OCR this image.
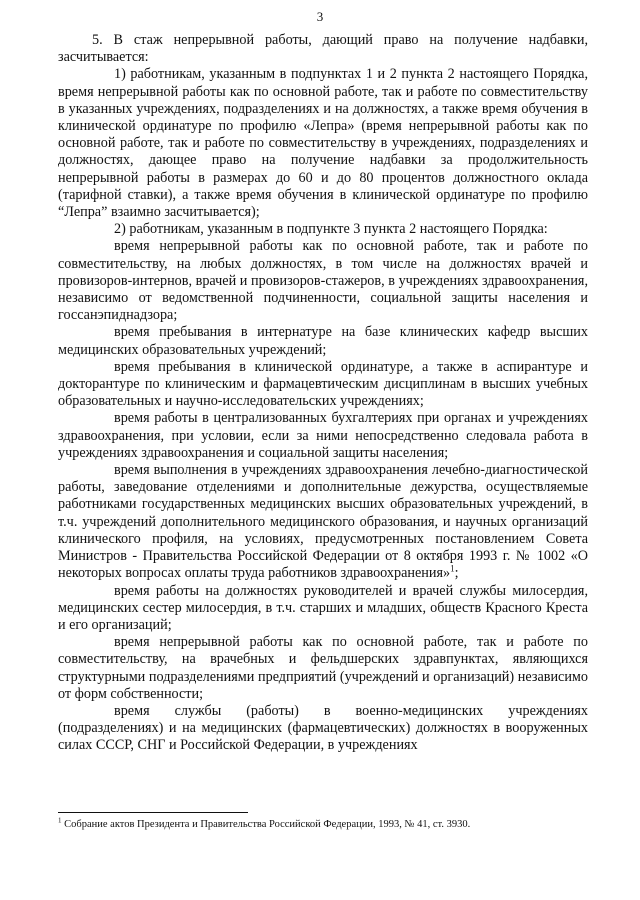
3

5. В стаж непрерывной работы, дающий право на получение надбавки, засчитывается:

1) работникам, указанным в подпунктах 1 и 2 пункта 2 настоящего Порядка, время непрерывной работы как по основной работе, так и работе по совместительству в указанных учреждениях, подразделениях и на должностях, а также время обучения в клинической ординатуре по профилю «Лепра» (время непрерывной работы как по основной работе, так и работе по совместительству в учреждениях, подразделениях и должностях, дающее право на получение надбавки за продолжительность непрерывной работы в размерах до 60 и до 80 процентов должностного оклада (тарифной ставки), а также время обучения в клинической ординатуре по профилю “Лепра” взаимно засчитывается);

2) работникам, указанным в подпункте 3 пункта 2 настоящего Порядка:

время непрерывной работы как по основной работе, так и работе по совместительству, на любых должностях, в том числе на должностях врачей и провизоров-интернов, врачей и провизоров-стажеров, в учреждениях здравоохранения, независимо от ведомственной подчиненности, социальной защиты населения и госсанэпиднадзора;

время пребывания в интернатуре на базе клинических кафедр высших медицинских образовательных учреждений;

время пребывания в клинической ординатуре, а также в аспирантуре и докторантуре по клиническим и фармацевтическим дисциплинам в высших учебных образовательных и научно-исследовательских учреждениях;

время работы в централизованных бухгалтериях при органах и учреждениях здравоохранения, при условии, если за ними непосредственно следовала работа в учреждениях здравоохранения и социальной защиты населения;

время выполнения в учреждениях здравоохранения лечебно-диагностической работы, заведование отделениями и дополнительные дежурства, осуществляемые работниками государственных медицинских высших образовательных учреждений, в т.ч. учреждений дополнительного медицинского образования, и научных организаций клинического профиля, на условиях, предусмотренных постановлением Совета Министров - Правительства Российской Федерации от 8 октября 1993 г. № 1002 «О некоторых вопросах оплаты труда работников здравоохранения»$^1$;

время работы на должностях руководителей и врачей службы милосердия, медицинских сестер милосердия, в т.ч. старших и младших, обществ Красного Креста и его организаций;

время непрерывной работы как по основной работе, так и работе по совместительству, на врачебных и фельдшерских здравпунктах, являющихся структурными подразделениями предприятий (учреждений и организаций) независимо от форм собственности;

время службы (работы) в военно-медицинских учреждениях (подразделениях) и на медицинских (фармацевтических) должностях в вооруженных силах СССР, СНГ и Российской Федерации, в учреждениях

$^1$ Собрание актов Президента и Правительства Российской Федерации, 1993, № 41, ст. 3930.
